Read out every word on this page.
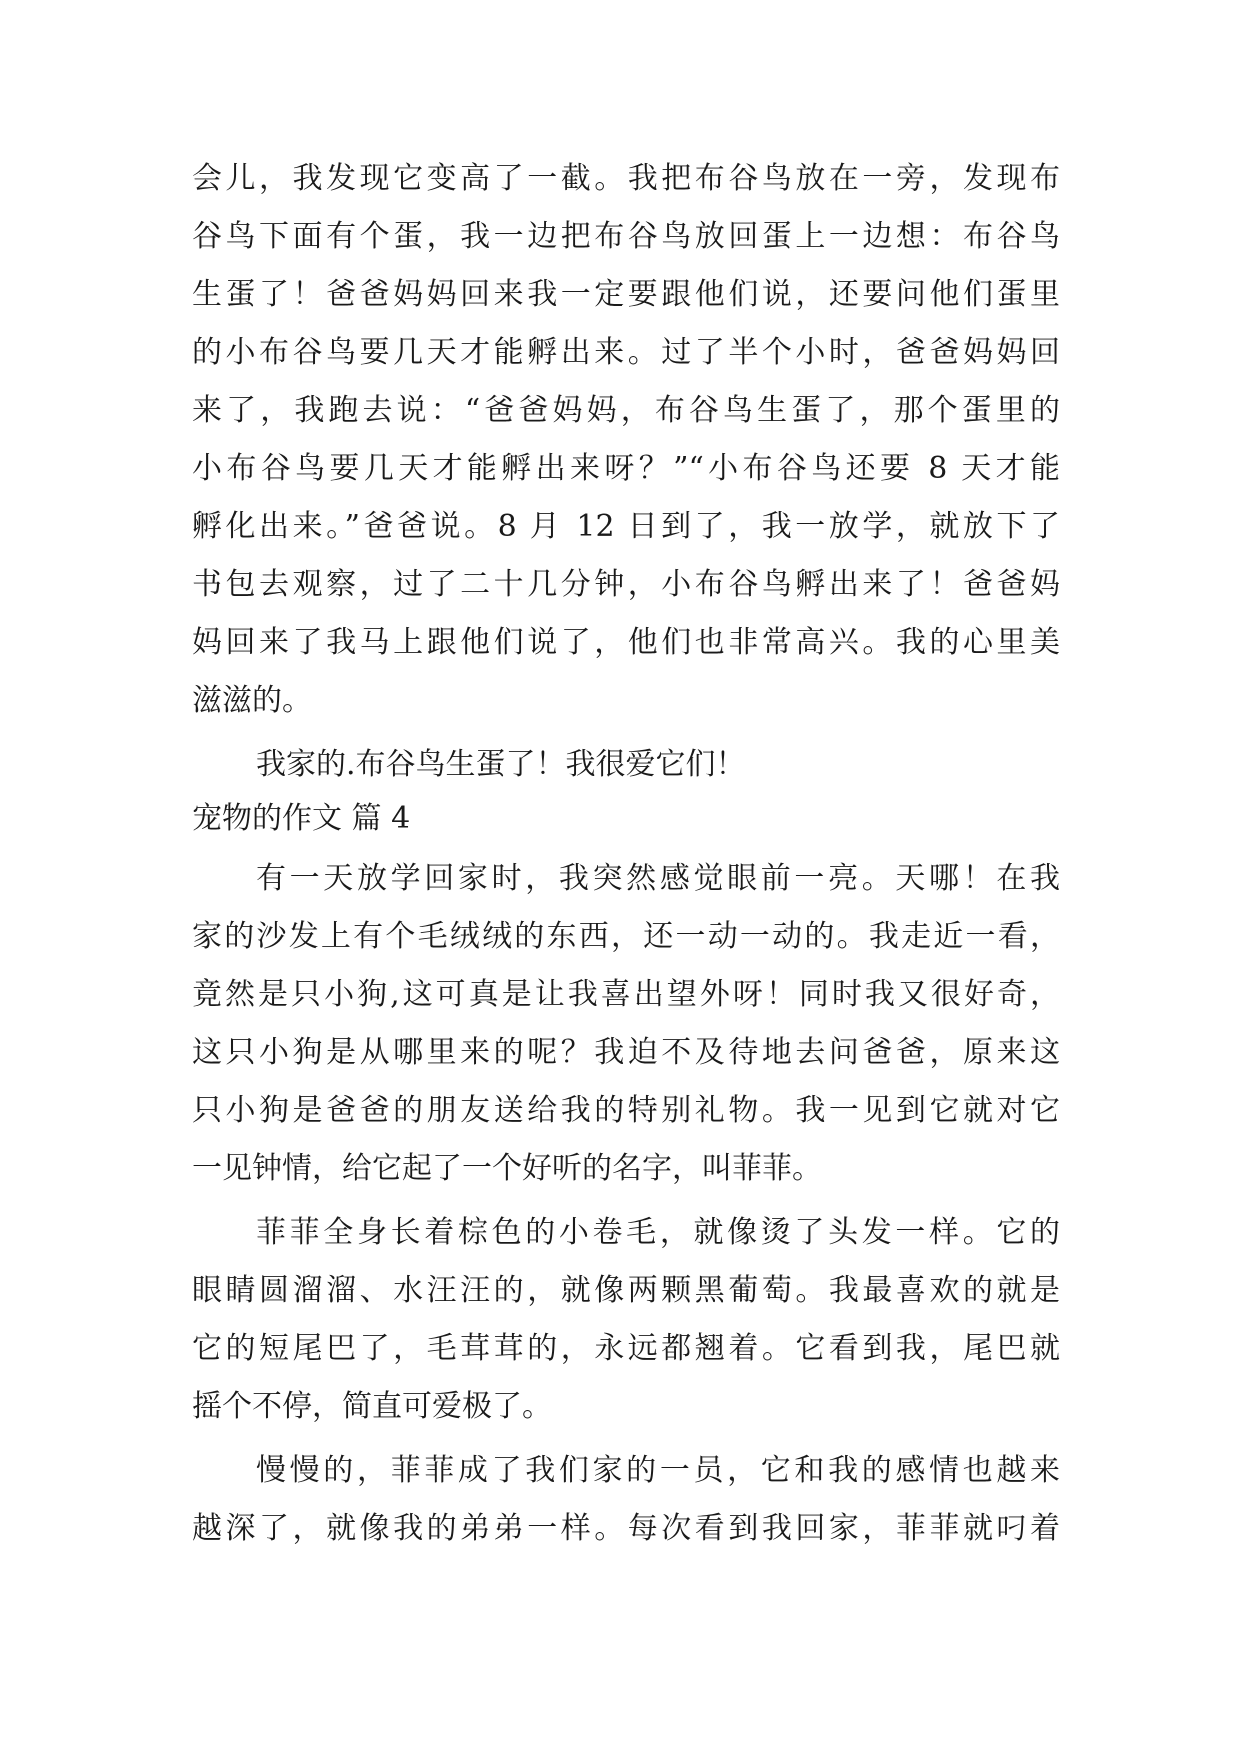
会儿，我发现它变高了一截。我把布谷鸟放在一旁，发现布
谷鸟下面有个蛋，我一边把布谷鸟放回蛋上一边想：布谷鸟
生蛋了！爸爸妈妈回来我一定要跟他们说，还要问他们蛋里
的小布谷鸟要几天才能孵出来。过了半个小时，爸爸妈妈回
来了，我跑去说：“爸爸妈妈，布谷鸟生蛋了，那个蛋里的
小布谷鸟要几天才能孵出来呀？”“小布谷鸟还要 8 天才能
孵化出来。”爸爸说。8 月 12 日到了，我一放学，就放下了
书包去观察，过了二十几分钟，小布谷鸟孵出来了！爸爸妈
妈回来了我马上跟他们说了，他们也非常高兴。我的心里美
滋滋的。
我家的.布谷鸟生蛋了！我很爱它们！
宠物的作文 篇 4
有一天放学回家时，我突然感觉眼前一亮。天哪！在我
家的沙发上有个毛绒绒的东西，还一动一动的。我走近一看，
竟然是只小狗,这可真是让我喜出望外呀！同时我又很好奇，
这只小狗是从哪里来的呢？我迫不及待地去问爸爸，原来这
只小狗是爸爸的朋友送给我的特别礼物。我一见到它就对它
一见钟情，给它起了一个好听的名字，叫菲菲。
菲菲全身长着棕色的小卷毛，就像烫了头发一样。它的
眼睛圆溜溜、水汪汪的，就像两颗黑葡萄。我最喜欢的就是
它的短尾巴了，毛茸茸的，永远都翘着。它看到我，尾巴就
摇个不停，简直可爱极了。
慢慢的，菲菲成了我们家的一员，它和我的感情也越来
越深了，就像我的弟弟一样。每次看到我回家，菲菲就叼着
